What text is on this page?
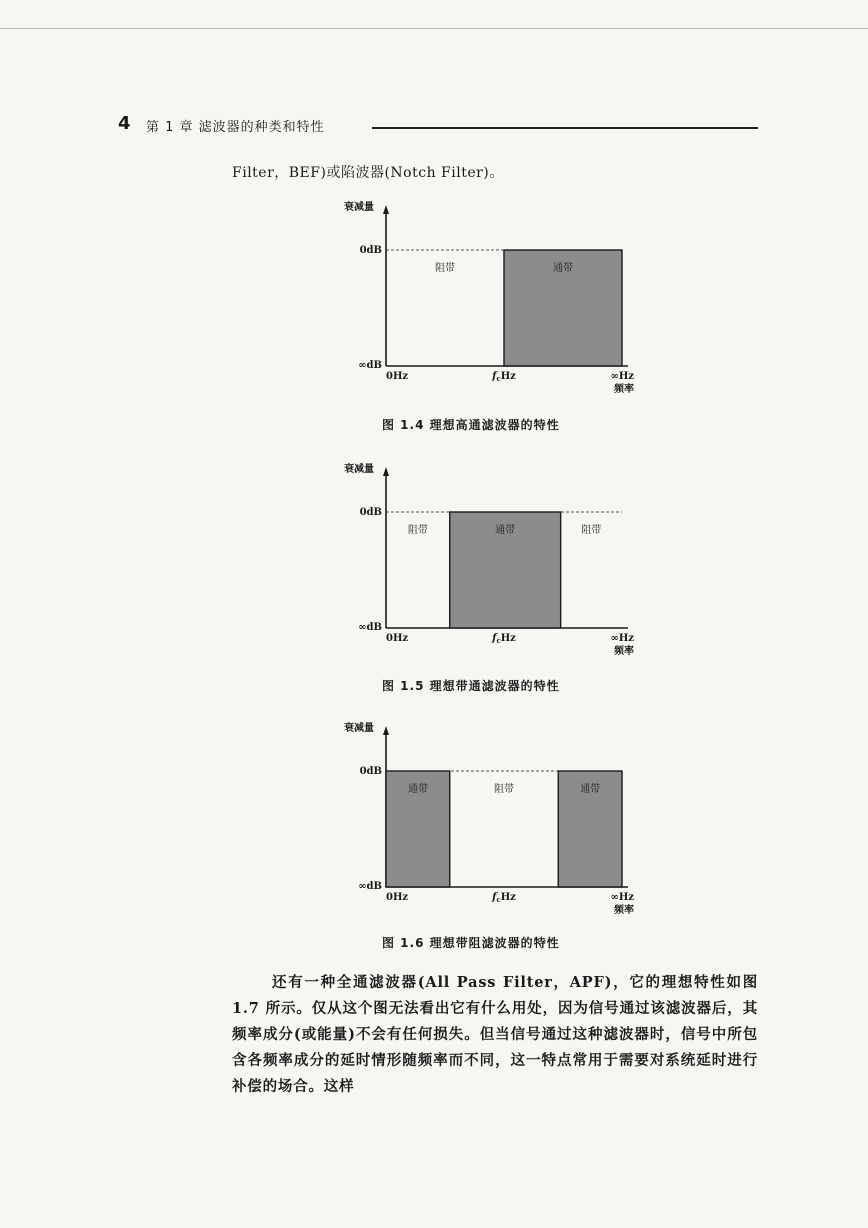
4 第 1 章 滤波器的种类和特性
Filter，BEF)或陷波器(Notch Filter)。
衰减量
0dB
∞dB
阻带	通带
0Hz	$f_cHz$	∞Hz
频率
图 1.4 理想高通滤波器的特性
衰减量
0dB
∞dB
阻带	通带	阻带
0Hz	$f_cHz$	∞Hz
频率
图 1.5 理想带通滤波器的特性
衰减量
0dB
∞dB
通带	阻带	通带
0Hz	$f_cHz$	∞Hz
频率
图 1.6 理想带阻滤波器的特性

还有一种全通滤波器(All Pass Filter，APF)，它的理想特性如图 1.7 所示。仅从这个图无法看出它有什么用处，因为信号通过该滤波器后，其频率成分(或能量)不会有任何损失。但当信号通过这种滤波器时，信号中所包含各频率成分的延时情形随频率而不同，这一特点常用于需要对系统延时进行补偿的场合。这样
